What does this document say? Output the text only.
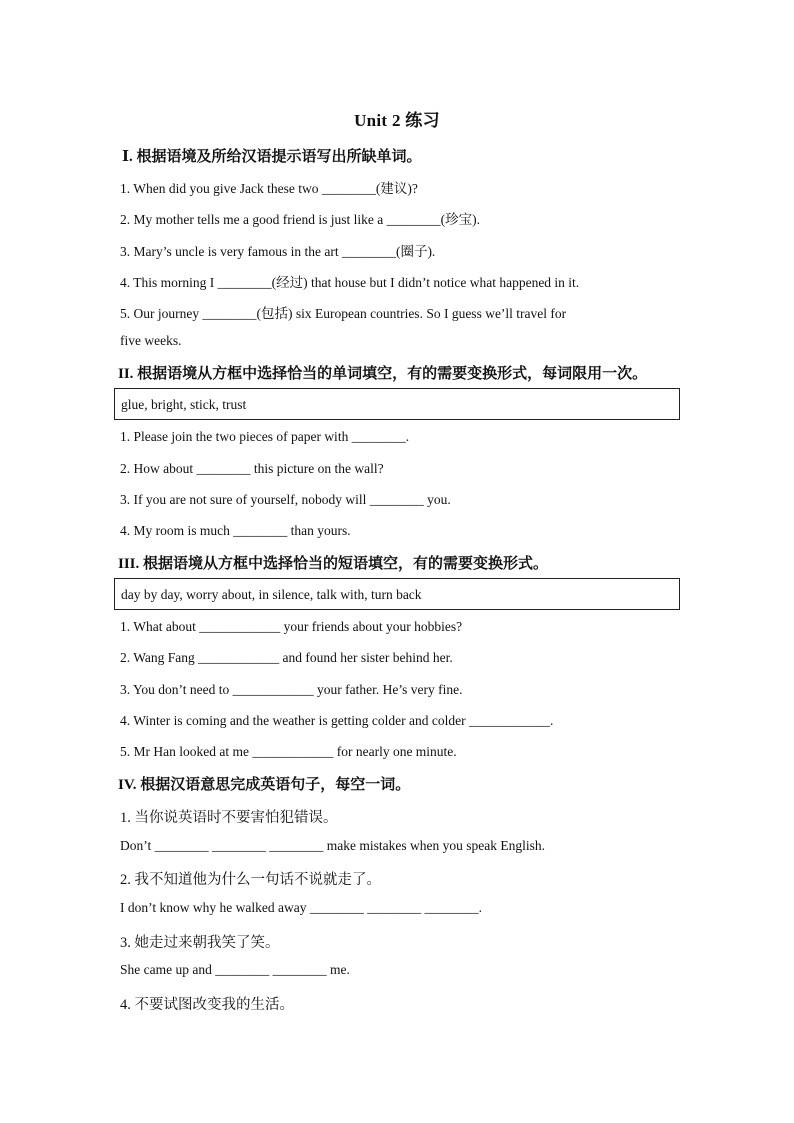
Unit 2 练习
Ⅰ. 根据语境及所给汉语提示语写出所缺单词。
1. When did you give Jack these two ________(建议)?
2. My mother tells me a good friend is just like a ________(珍宝).
3. Mary’s uncle is very famous in the art ________(圈子).
4. This morning I ________(经过) that house but I didn’t notice what happened in it.
5. Our journey ________(包括) six European countries. So I guess we’ll travel for
five weeks.
II. 根据语境从方框中选择恰当的单词填空，有的需要变换形式，每词限用一次。
glue, bright, stick, trust
1. Please join the two pieces of paper with ________.
2. How about ________ this picture on the wall?
3. If you are not sure of yourself, nobody will ________ you.
4. My room is much ________ than yours.
III. 根据语境从方框中选择恰当的短语填空，有的需要变换形式。
day by day, worry about, in silence, talk with, turn back
1. What about ____________ your friends about your hobbies?
2. Wang Fang ____________ and found her sister behind her.
3. You don’t need to ____________ your father. He’s very fine.
4. Winter is coming and the weather is getting colder and colder ____________.
5. Mr Han looked at me ____________ for nearly one minute.
IV. 根据汉语意思完成英语句子，每空一词。
1. 当你说英语时不要害怕犯错误。
Don’t ________ ________ ________ make mistakes when you speak English.
2. 我不知道他为什么一句话不说就走了。
I don’t know why he walked away ________ ________ ________.
3. 她走过来朝我笑了笑。
She came up and ________ ________ me.
4. 不要试图改变我的生活。
